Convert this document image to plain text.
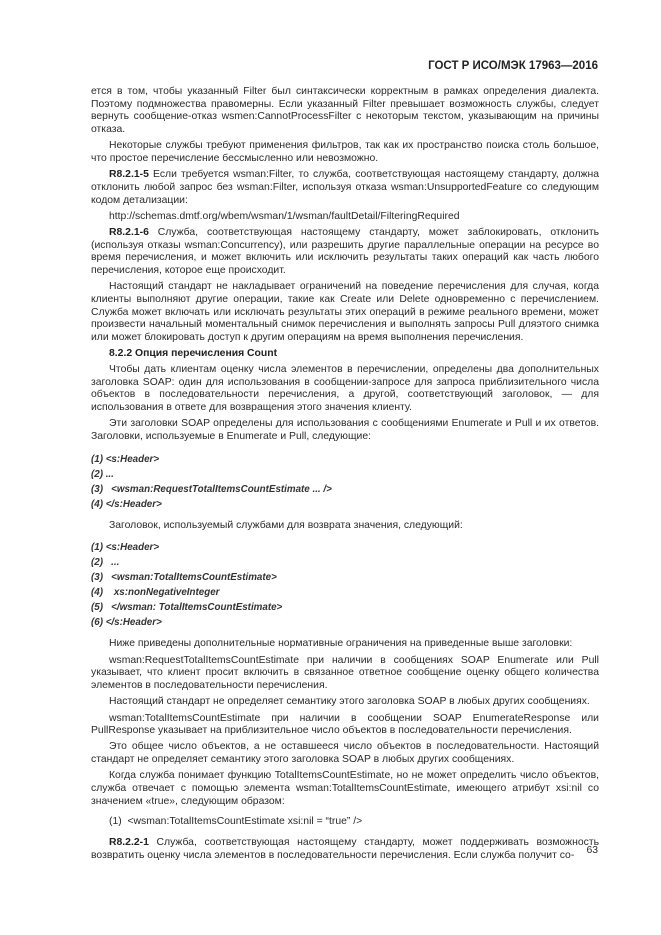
ГОСТ Р ИСО/МЭК 17963—2016
ется в том, чтобы указанный Filter был синтаксически корректным в рамках определения диалекта. Поэтому подмножества правомерны. Если указанный Filter превышает возможность службы, следует вернуть сообщение-отказ wsmen:CannotProcessFilter с некоторым текстом, указывающим на причины отказа.
Некоторые службы требуют применения фильтров, так как их пространство поиска столь большое, что простое перечисление бессмысленно или невозможно.
R8.2.1-5 Если требуется wsman:Filter, то служба, соответствующая настоящему стандарту, должна отклонить любой запрос без wsman:Filter, используя отказа wsman:UnsupportedFeature со следующим кодом детализации:
http://schemas.dmtf.org/wbem/wsman/1/wsman/faultDetail/FilteringRequired
R8.2.1-6 Служба, соответствующая настоящему стандарту, может заблокировать, отклонить (используя отказы wsman:Concurrency), или разрешить другие параллельные операции на ресурсе во время перечисления, и может включить или исключить результаты таких операций как часть любого перечисления, которое еще происходит.
Настоящий стандарт не накладывает ограничений на поведение перечисления для случая, когда клиенты выполняют другие операции, такие как Create или Delete одновременно с перечислением. Служба может включать или исключать результаты этих операций в режиме реального времени, может произвести начальный моментальный снимок перечисления и выполнять запросы Pull дляэтого снимка или может блокировать доступ к другим операциям на время выполнения перечисления.
8.2.2 Опция перечисления Count
Чтобы дать клиентам оценку числа элементов в перечислении, определены два дополнительных заголовка SOAP: один для использования в сообщении-запросе для запроса приблизительного числа объектов в последовательности перечисления, а другой, соответствующий заголовок, — для использования в ответе для возвращения этого значения клиенту.
Эти заголовки SOAP определены для использования с сообщениями Enumerate и Pull и их ответов. Заголовки, используемые в Enumerate и Pull, следующие:
(1) <s:Header>
(2) ...
(3)   <wsman:RequestTotalItemsCountEstimate ... />
(4) </s:Header>
Заголовок, используемый службами для возврата значения, следующий:
(1) <s:Header>
(2)   ...
(3)   <wsman:TotalItemsCountEstimate>
(4)    xs:nonNegativeInteger
(5)   </wsman: TotalItemsCountEstimate>
(6) </s:Header>
Ниже приведены дополнительные нормативные ограничения на приведенные выше заголовки:
wsman:RequestTotalItemsCountEstimate при наличии в сообщениях SOAP Enumerate или Pull указывает, что клиент просит включить в связанное ответное сообщение оценку общего количества элементов в последовательности перечисления.
Настоящий стандарт не определяет семантику этого заголовка SOAP в любых других сообщениях.
wsman:TotalItemsCountEstimate при наличии в сообщении SOAP EnumerateResponse или PullResponse указывает на приблизительное число объектов в последовательности перечисления.
Это общее число объектов, а не оставшееся число объектов в последовательности. Настоящий стандарт не определяет семантику этого заголовка SOAP в любых других сообщениях.
Когда служба понимает функцию TotalItemsCountEstimate, но не может определить число объектов, служба отвечает с помощью элемента wsman:TotalItemsCountEstimate, имеющего атрибут xsi:nil со значением «true», следующим образом:
(1)  <wsman:TotalItemsCountEstimate xsi:nil = “true” />
R8.2.2-1 Служба, соответствующая настоящему стандарту, может поддерживать возможность возвратить оценку числа элементов в последовательности перечисления. Если служба получит со-	63
